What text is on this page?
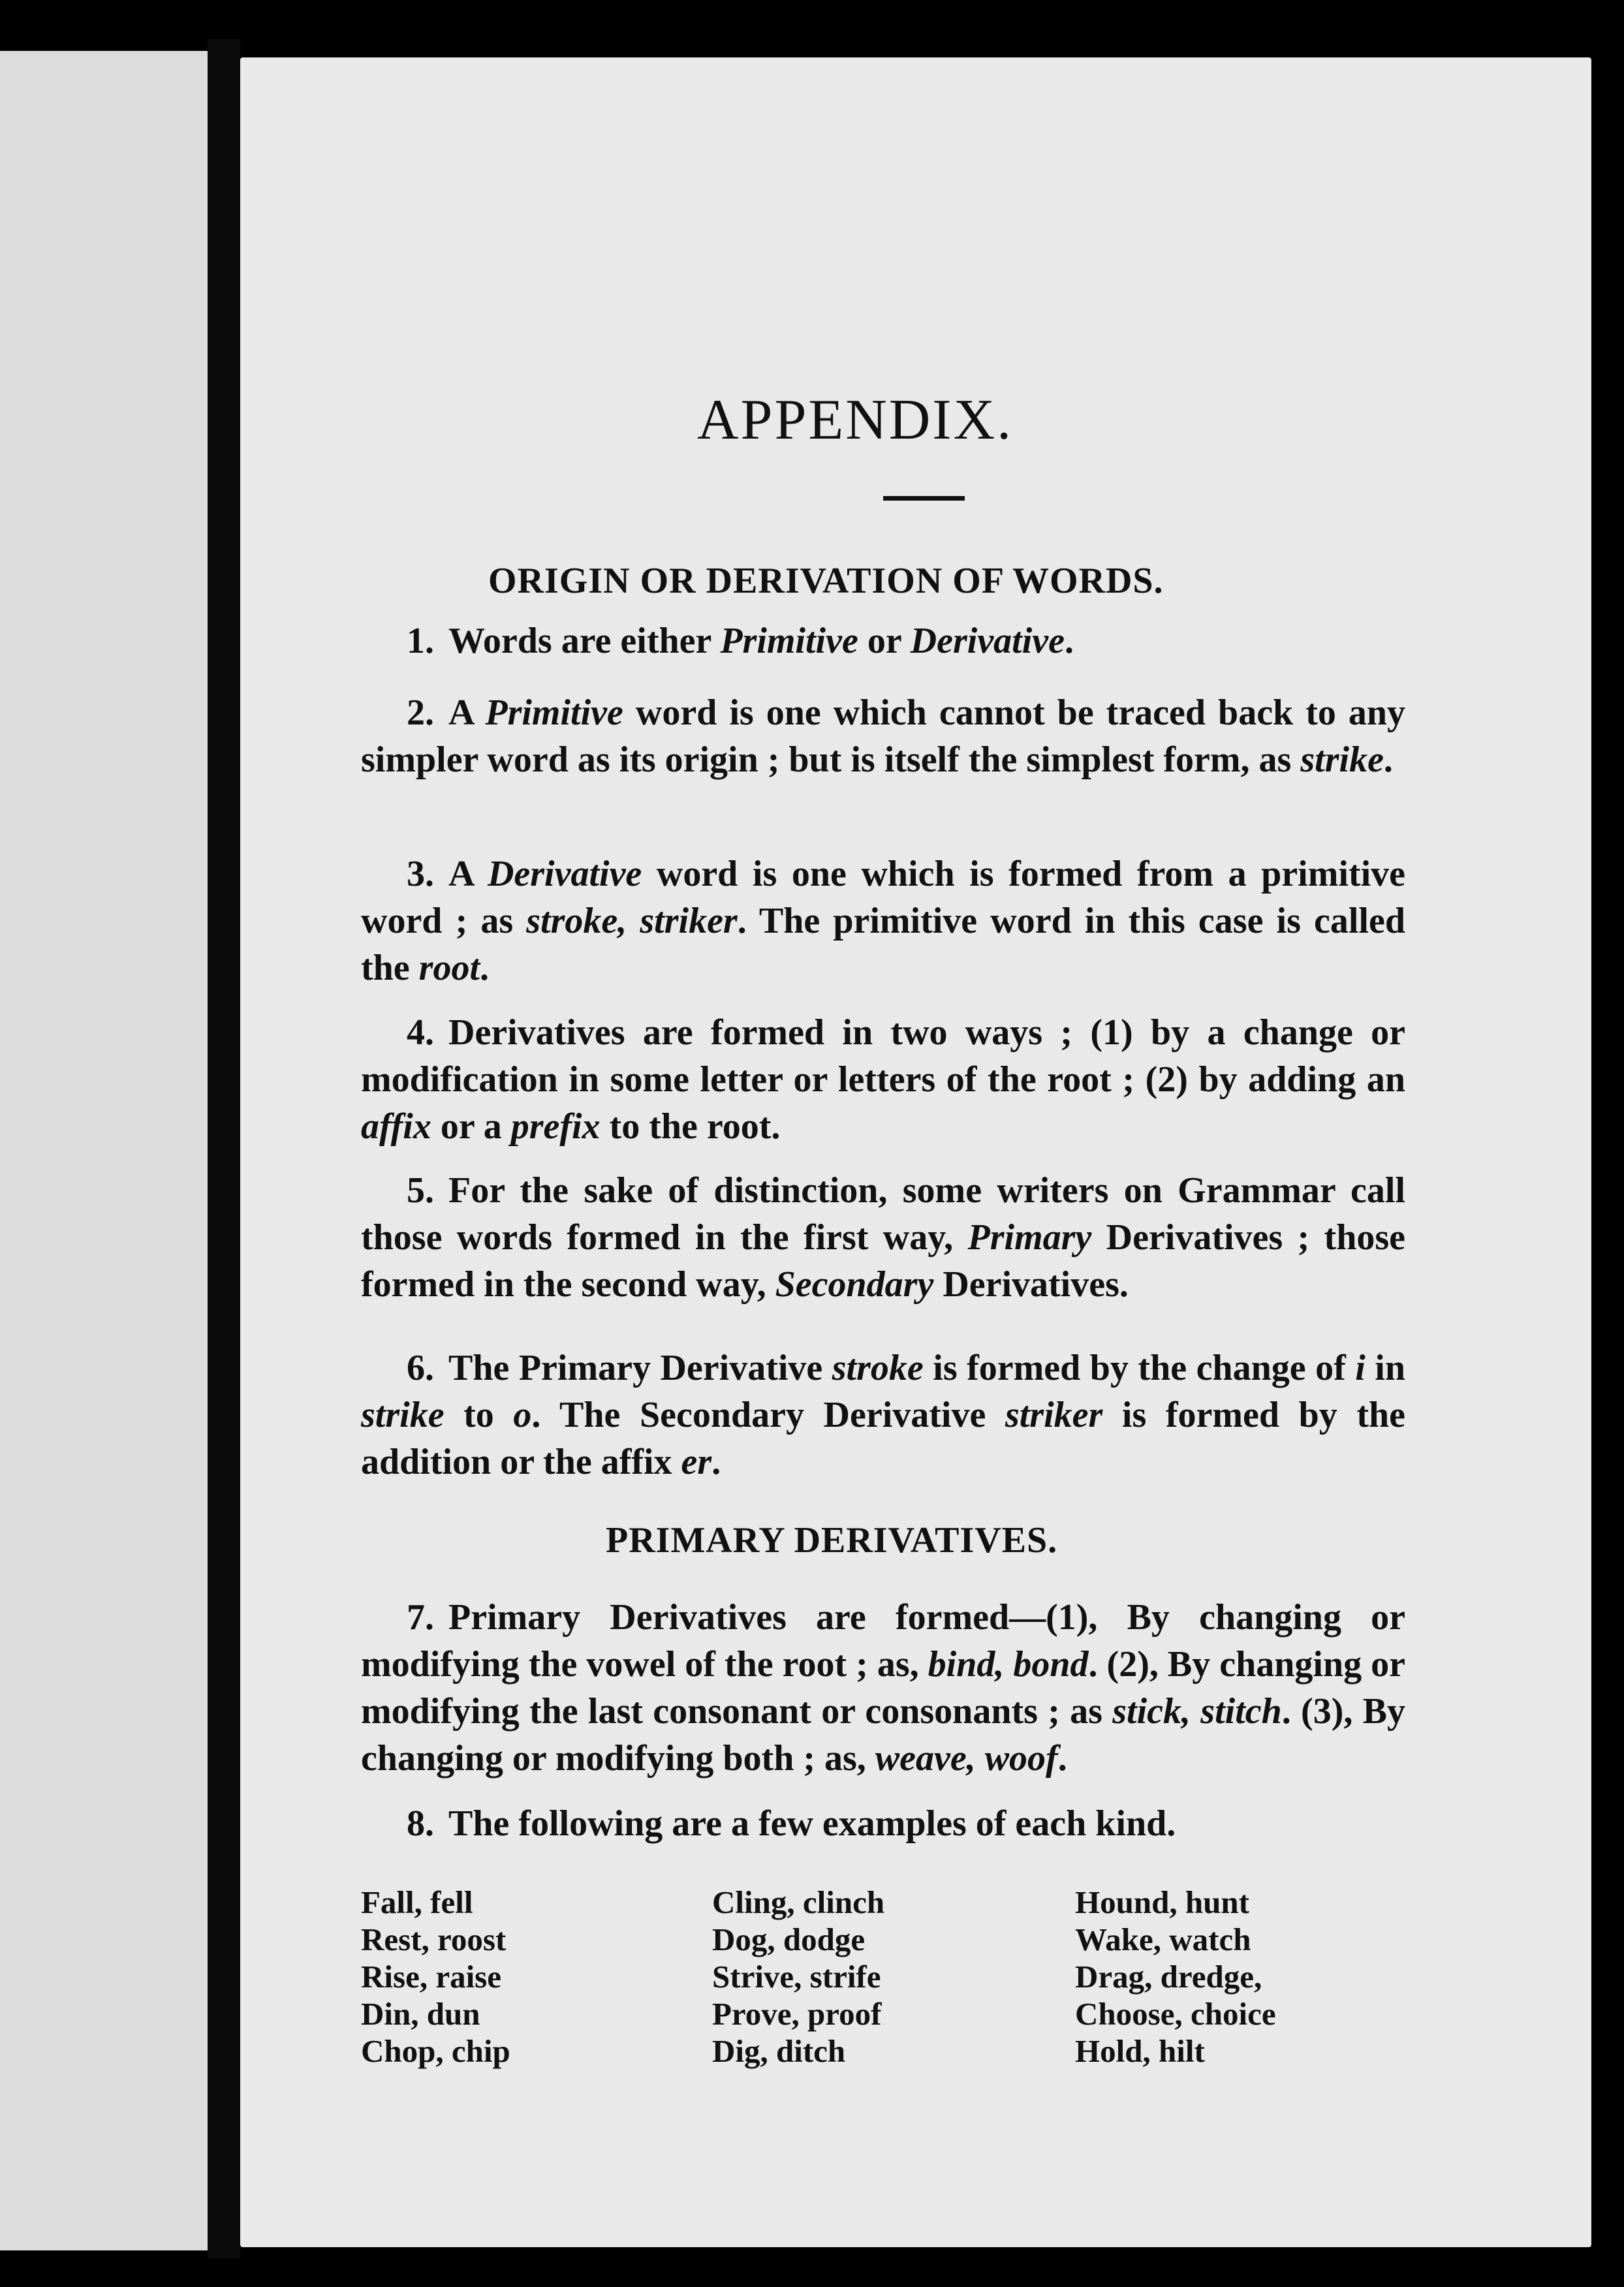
APPENDIX.
ORIGIN OR DERIVATION OF WORDS.
1. Words are either Primitive or Derivative.
2. A Primitive word is one which cannot be traced back to any simpler word as its origin ; but is itself the simplest form, as strike.
3. A Derivative word is one which is formed from a primitive word ; as stroke, striker. The primitive word in this case is called the root.
4. Derivatives are formed in two ways ; (1) by a change or modification in some letter or letters of the root ; (2) by adding an affix or a prefix to the root.
5. For the sake of distinction, some writers on Grammar call those words formed in the first way, Primary Derivatives ; those formed in the second way, Secondary Derivatives.
6. The Primary Derivative stroke is formed by the change of i in strike to o. The Secondary Derivative striker is formed by the addition or the affix er.
PRIMARY DERIVATIVES.
7. Primary Derivatives are formed—(1), By changing or modifying the vowel of the root ; as, bind, bond. (2), By changing or modifying the last consonant or consonants ; as stick, stitch. (3), By changing or modifying both ; as, weave, woof.
8. The following are a few examples of each kind.
Fall, fell
Rest, roost
Rise, raise
Din, dun
Chop, chip
Cling, clinch
Dog, dodge
Strive, strife
Prove, proof
Dig, ditch
Hound, hunt
Wake, watch
Drag, dredge,
Choose, choice
Hold, hilt
